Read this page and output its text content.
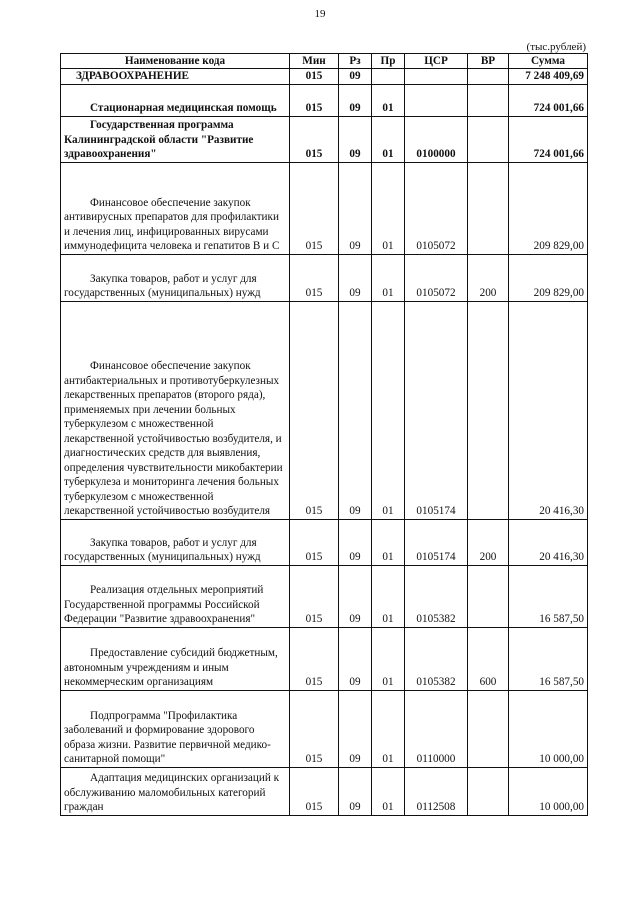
19
(тыс.рублей)
Наименование кода	Мин	Рз	Пр	ЦСР	ВР	Сумма
ЗДРАВООХРАНЕНИЕ	015	09				7 248 409,69
Стационарная медицинская помощь	015	09	01			724 001,66
Государственная программа Калининградской области "Развитие здравоохранения"	015	09	01	0100000		724 001,66
Финансовое обеспечение закупок антивирусных препаратов для профилактики и лечения лиц, инфицированных вирусами иммунодефицита человека и гепатитов В и С	015	09	01	0105072		209 829,00
Закупка товаров, работ и услуг для государственных (муниципальных) нужд	015	09	01	0105072	200	209 829,00
Финансовое обеспечение закупок антибактериальных и противотуберкулезных лекарственных препаратов (второго ряда), применяемых при лечении больных туберкулезом с множественной лекарственной устойчивостью возбудителя, и диагностических средств для выявления, определения чувствительности микобактерии туберкулеза и мониторинга лечения больных туберкулезом с множественной лекарственной устойчивостью возбудителя	015	09	01	0105174		20 416,30
Закупка товаров, работ и услуг для государственных (муниципальных) нужд	015	09	01	0105174	200	20 416,30
Реализация отдельных мероприятий Государственной программы Российской Федерации "Развитие здравоохранения"	015	09	01	0105382		16 587,50
Предоставление субсидий бюджетным, автономным учреждениям и иным некоммерческим организациям	015	09	01	0105382	600	16 587,50
Подпрограмма "Профилактика заболеваний и формирование здорового образа жизни. Развитие первичной медико-санитарной помощи"	015	09	01	0110000		10 000,00
Адаптация медицинских организаций к обслуживанию маломобильных категорий граждан	015	09	01	0112508		10 000,00
